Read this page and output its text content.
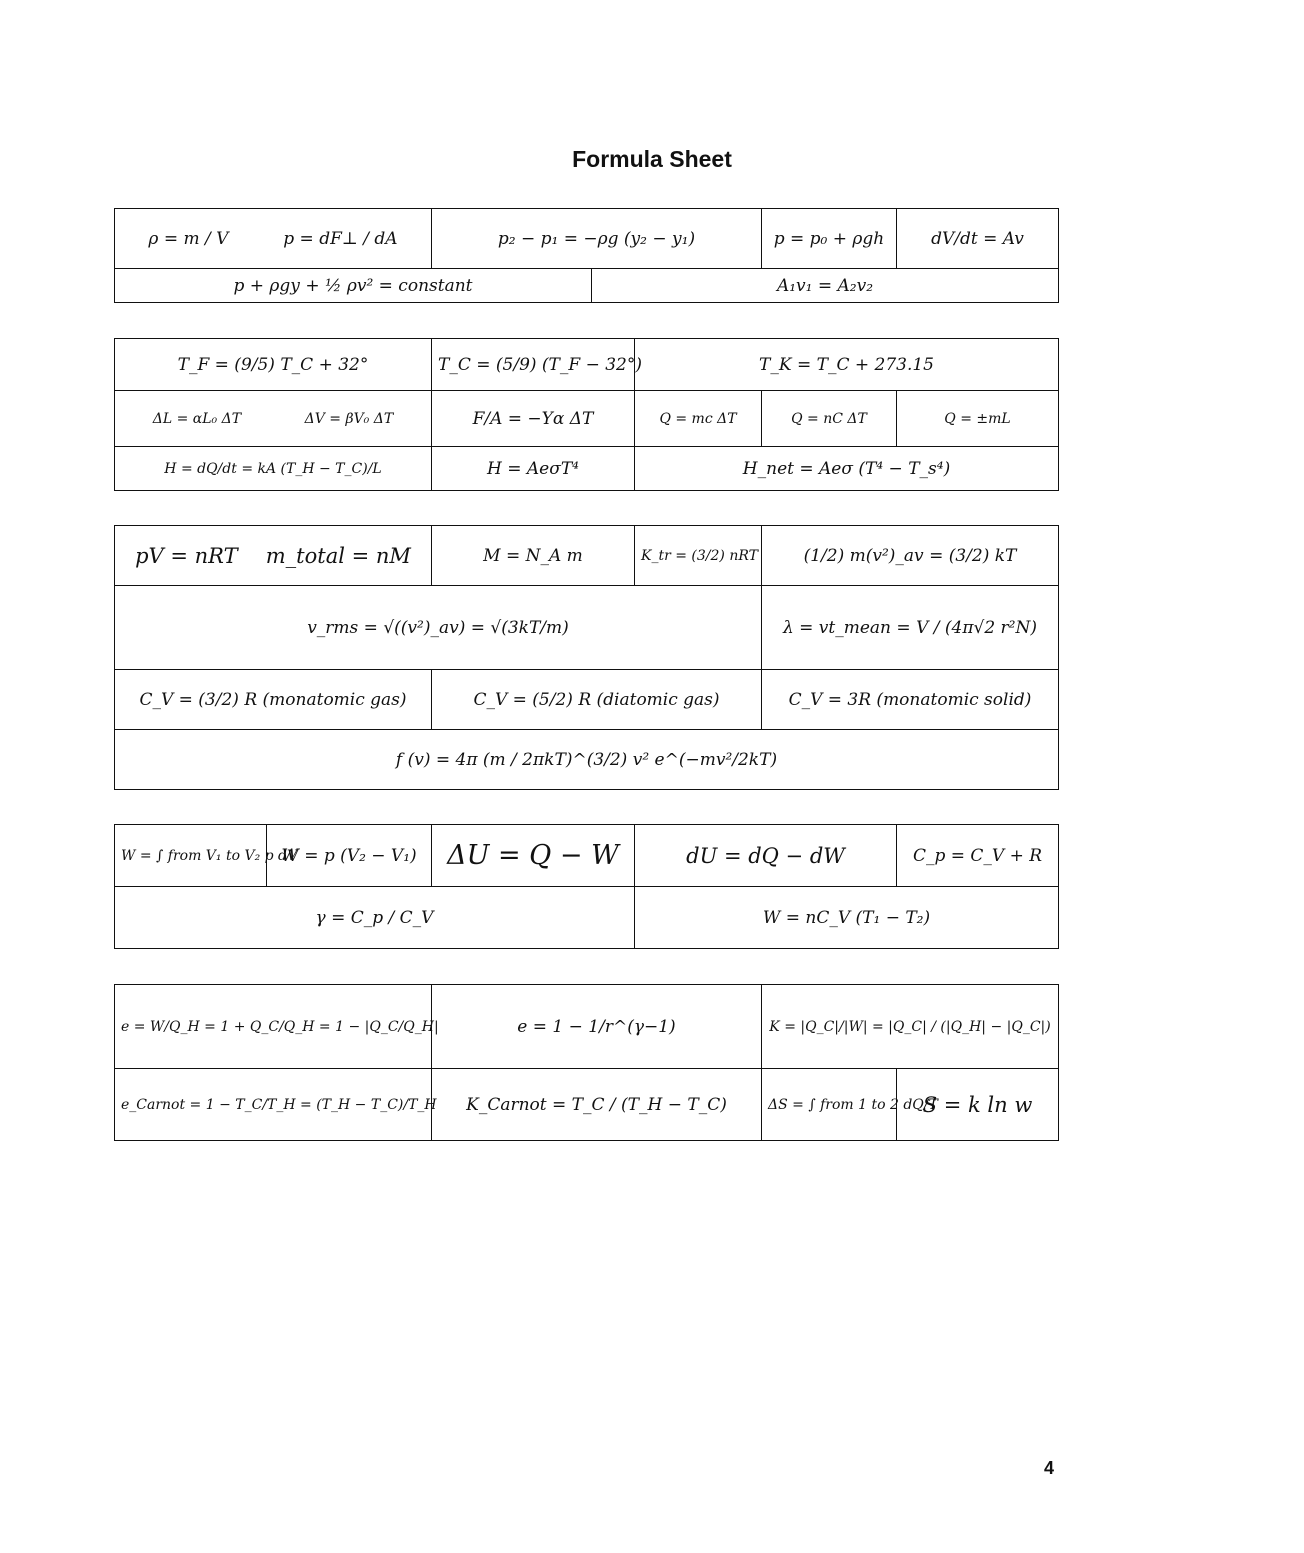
Formula Sheet
ρ = m / V	p = dF⊥ / dA	p₂ − p₁ = −ρg (y₂ − y₁)	p = p₀ + ρgh	dV/dt = Av
p + ρgy + ½ ρv² = constant	A₁v₁ = A₂v₂
T_F = (9/5) T_C + 32°	T_C = (5/9) (T_F − 32°)	T_K = T_C + 273.15		

ΔL = αL₀ ΔT ΔV = βV₀ ΔT	F/A = −Yα ΔT	Q = mc ΔT	Q = nC ΔT	Q = ±mL
H = dQ/dt = kA (T_H − T_C)/L	H = AeσT⁴	H_net = Aeσ (T⁴ − T_s⁴)		
pV = nRT m_total = nM	M = N_A m	K_tr = (3/2) nRT	(1/2) m(v²)_av = (3/2) kT
v_rms = √((v²)_av) = √(3kT/m)			λ = vt_mean = V / (4π√2 r²N)
C_V = (3/2) R (monatomic gas)	C_V = (5/2) R (diatomic gas)		C_V = 3R (monatomic solid)
f (v) = 4π (m / 2πkT)^(3/2) v² e^(−mv²/2kT)			
W = ∫ from V₁ to V₂ p dV	W = p (V₂ − V₁)	ΔU = Q − W	dU = dQ − dW	C_p = C_V + R
γ = C_p / C_V			W = nC_V (T₁ − T₂)	
e = W/Q_H = 1 + Q_C/Q_H = 1 − |Q_C/Q_H|	e = 1 − 1/r^(γ−1)	K = |Q_C|/|W| = |Q_C| / (|Q_H| − |Q_C|)	
e_Carnot = 1 − T_C/T_H = (T_H − T_C)/T_H	K_Carnot = T_C / (T_H − T_C)	ΔS = ∫ from 1 to 2 dQ/T	S = k ln w
4
